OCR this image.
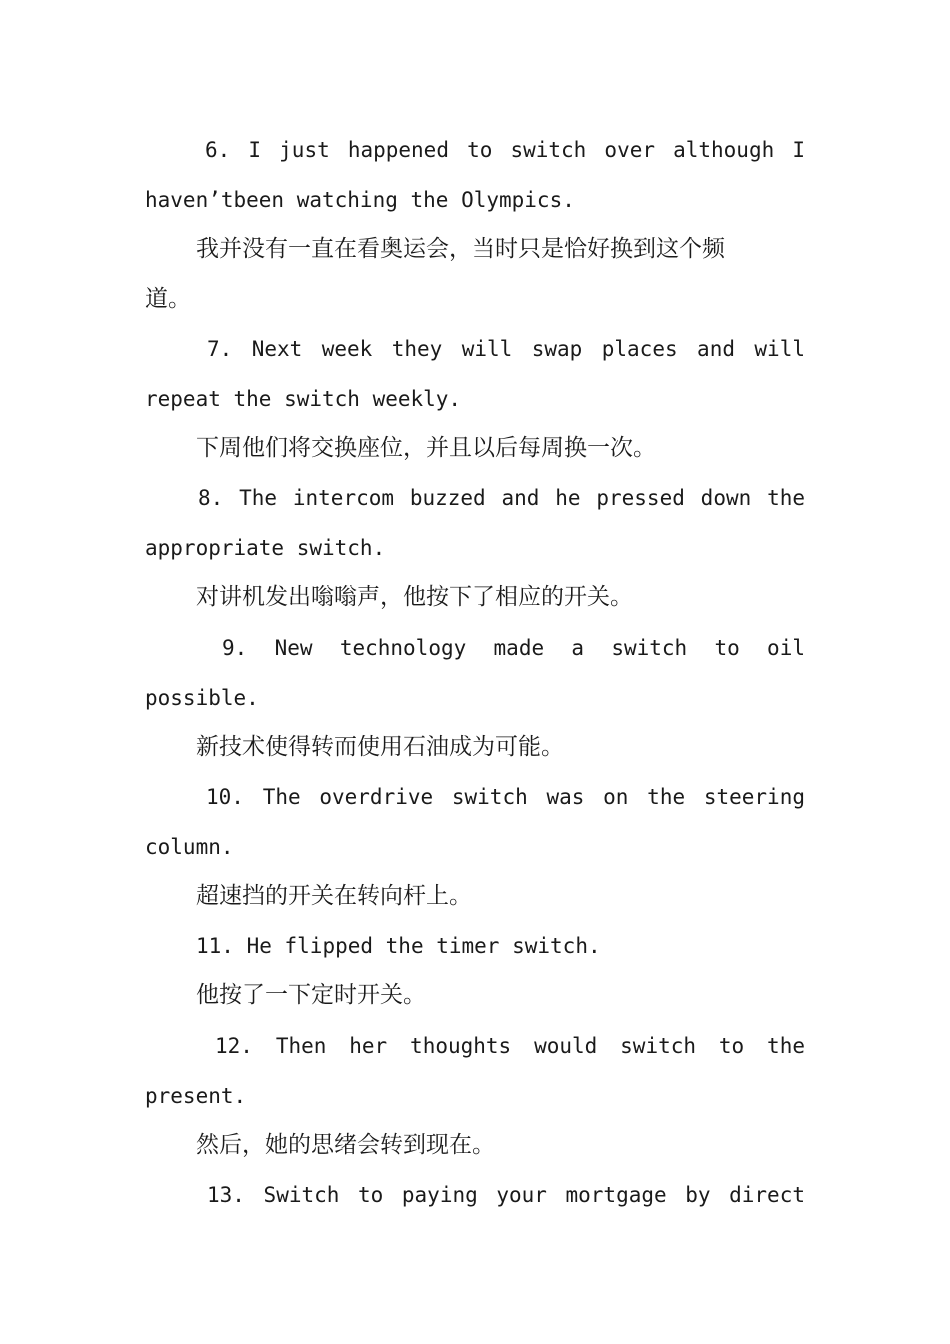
6. I just happened to switch over although I
haven’tbeen watching the Olympics.
我并没有一直在看奥运会，当时只是恰好换到这个频
道。
7. Next week they will swap places and will
repeat the switch weekly.
下周他们将交换座位，并且以后每周换一次。
8. The intercom buzzed and he pressed down the
appropriate switch.
对讲机发出嗡嗡声，他按下了相应的开关。
9. New technology made a switch to oil
possible.
新技术使得转而使用石油成为可能。
10. The overdrive switch was on the steering
column.
超速挡的开关在转向杆上。
11. He flipped the timer switch.
他按了一下定时开关。
12. Then her thoughts would switch to the
present.
然后，她的思绪会转到现在。
13. Switch to paying your mortgage by direct
